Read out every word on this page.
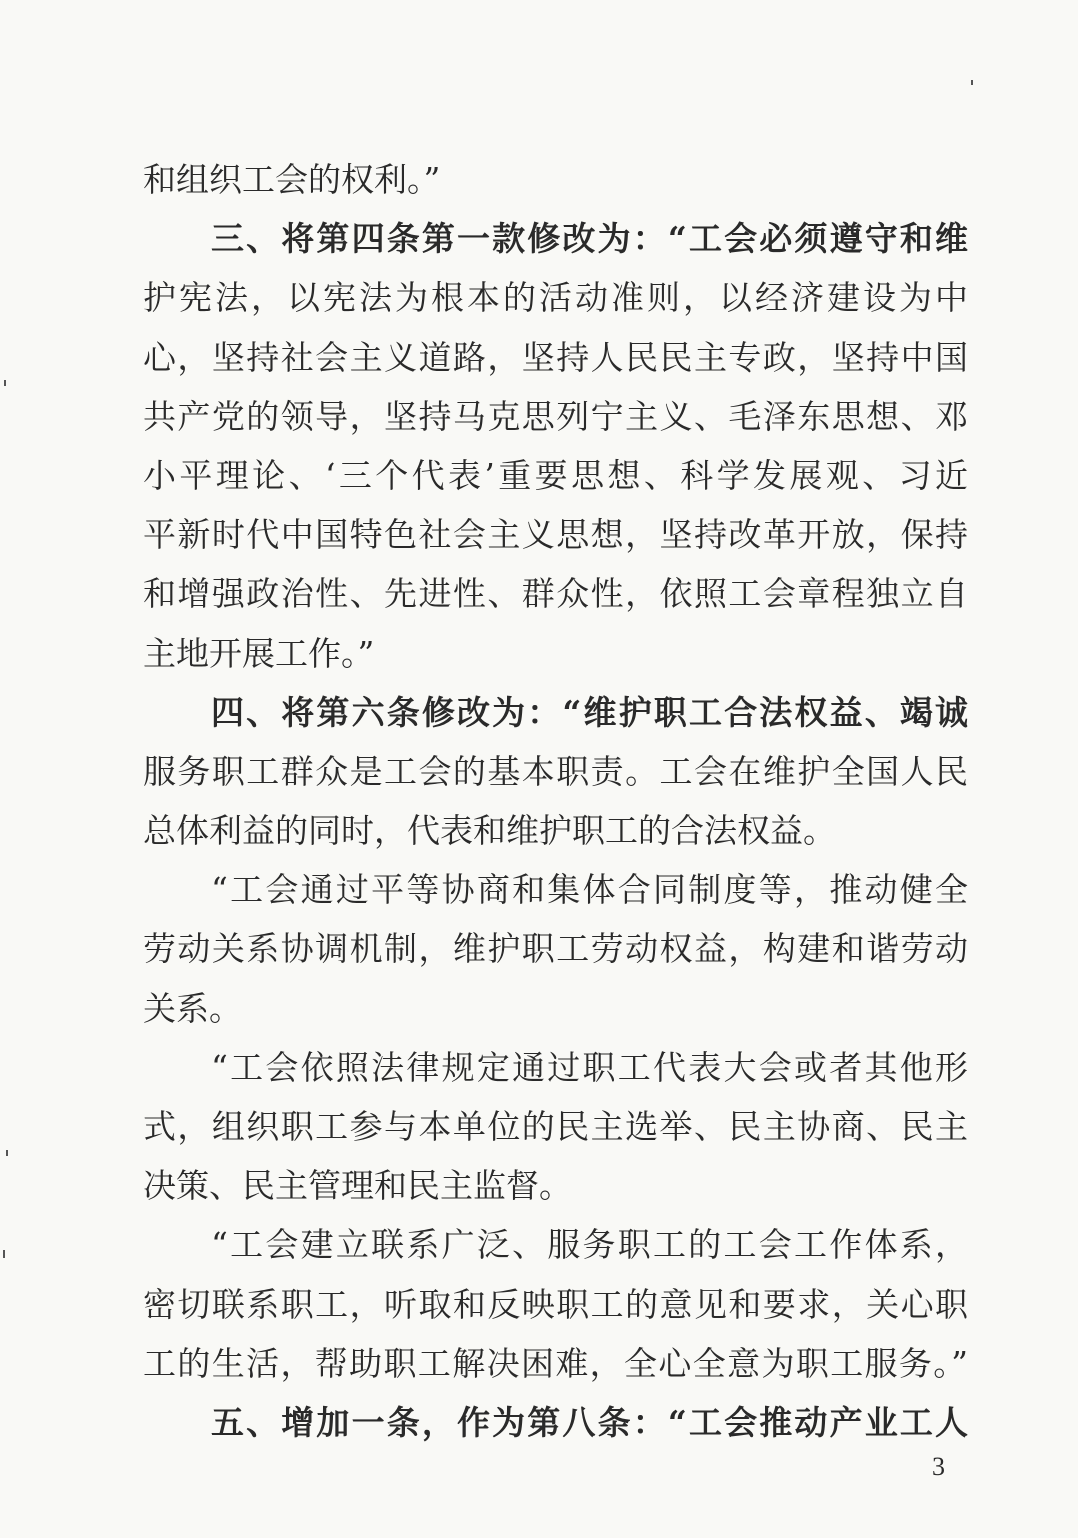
和组织工会的权利。”
三、将第四条第一款修改为：“工会必须遵守和维
护宪法，以宪法为根本的活动准则，以经济建设为中
心，坚持社会主义道路，坚持人民民主专政，坚持中国
共产党的领导，坚持马克思列宁主义、毛泽东思想、邓
小平理论、‘三个代表’重要思想、科学发展观、习近
平新时代中国特色社会主义思想，坚持改革开放，保持
和增强政治性、先进性、群众性，依照工会章程独立自
主地开展工作。”
四、将第六条修改为：“维护职工合法权益、竭诚
服务职工群众是工会的基本职责。工会在维护全国人民
总体利益的同时，代表和维护职工的合法权益。
“工会通过平等协商和集体合同制度等，推动健全
劳动关系协调机制，维护职工劳动权益，构建和谐劳动
关系。
“工会依照法律规定通过职工代表大会或者其他形
式，组织职工参与本单位的民主选举、民主协商、民主
决策、民主管理和民主监督。
“工会建立联系广泛、服务职工的工会工作体系，
密切联系职工，听取和反映职工的意见和要求，关心职
工的生活，帮助职工解决困难，全心全意为职工服务。”
五、增加一条，作为第八条：“工会推动产业工人
3
